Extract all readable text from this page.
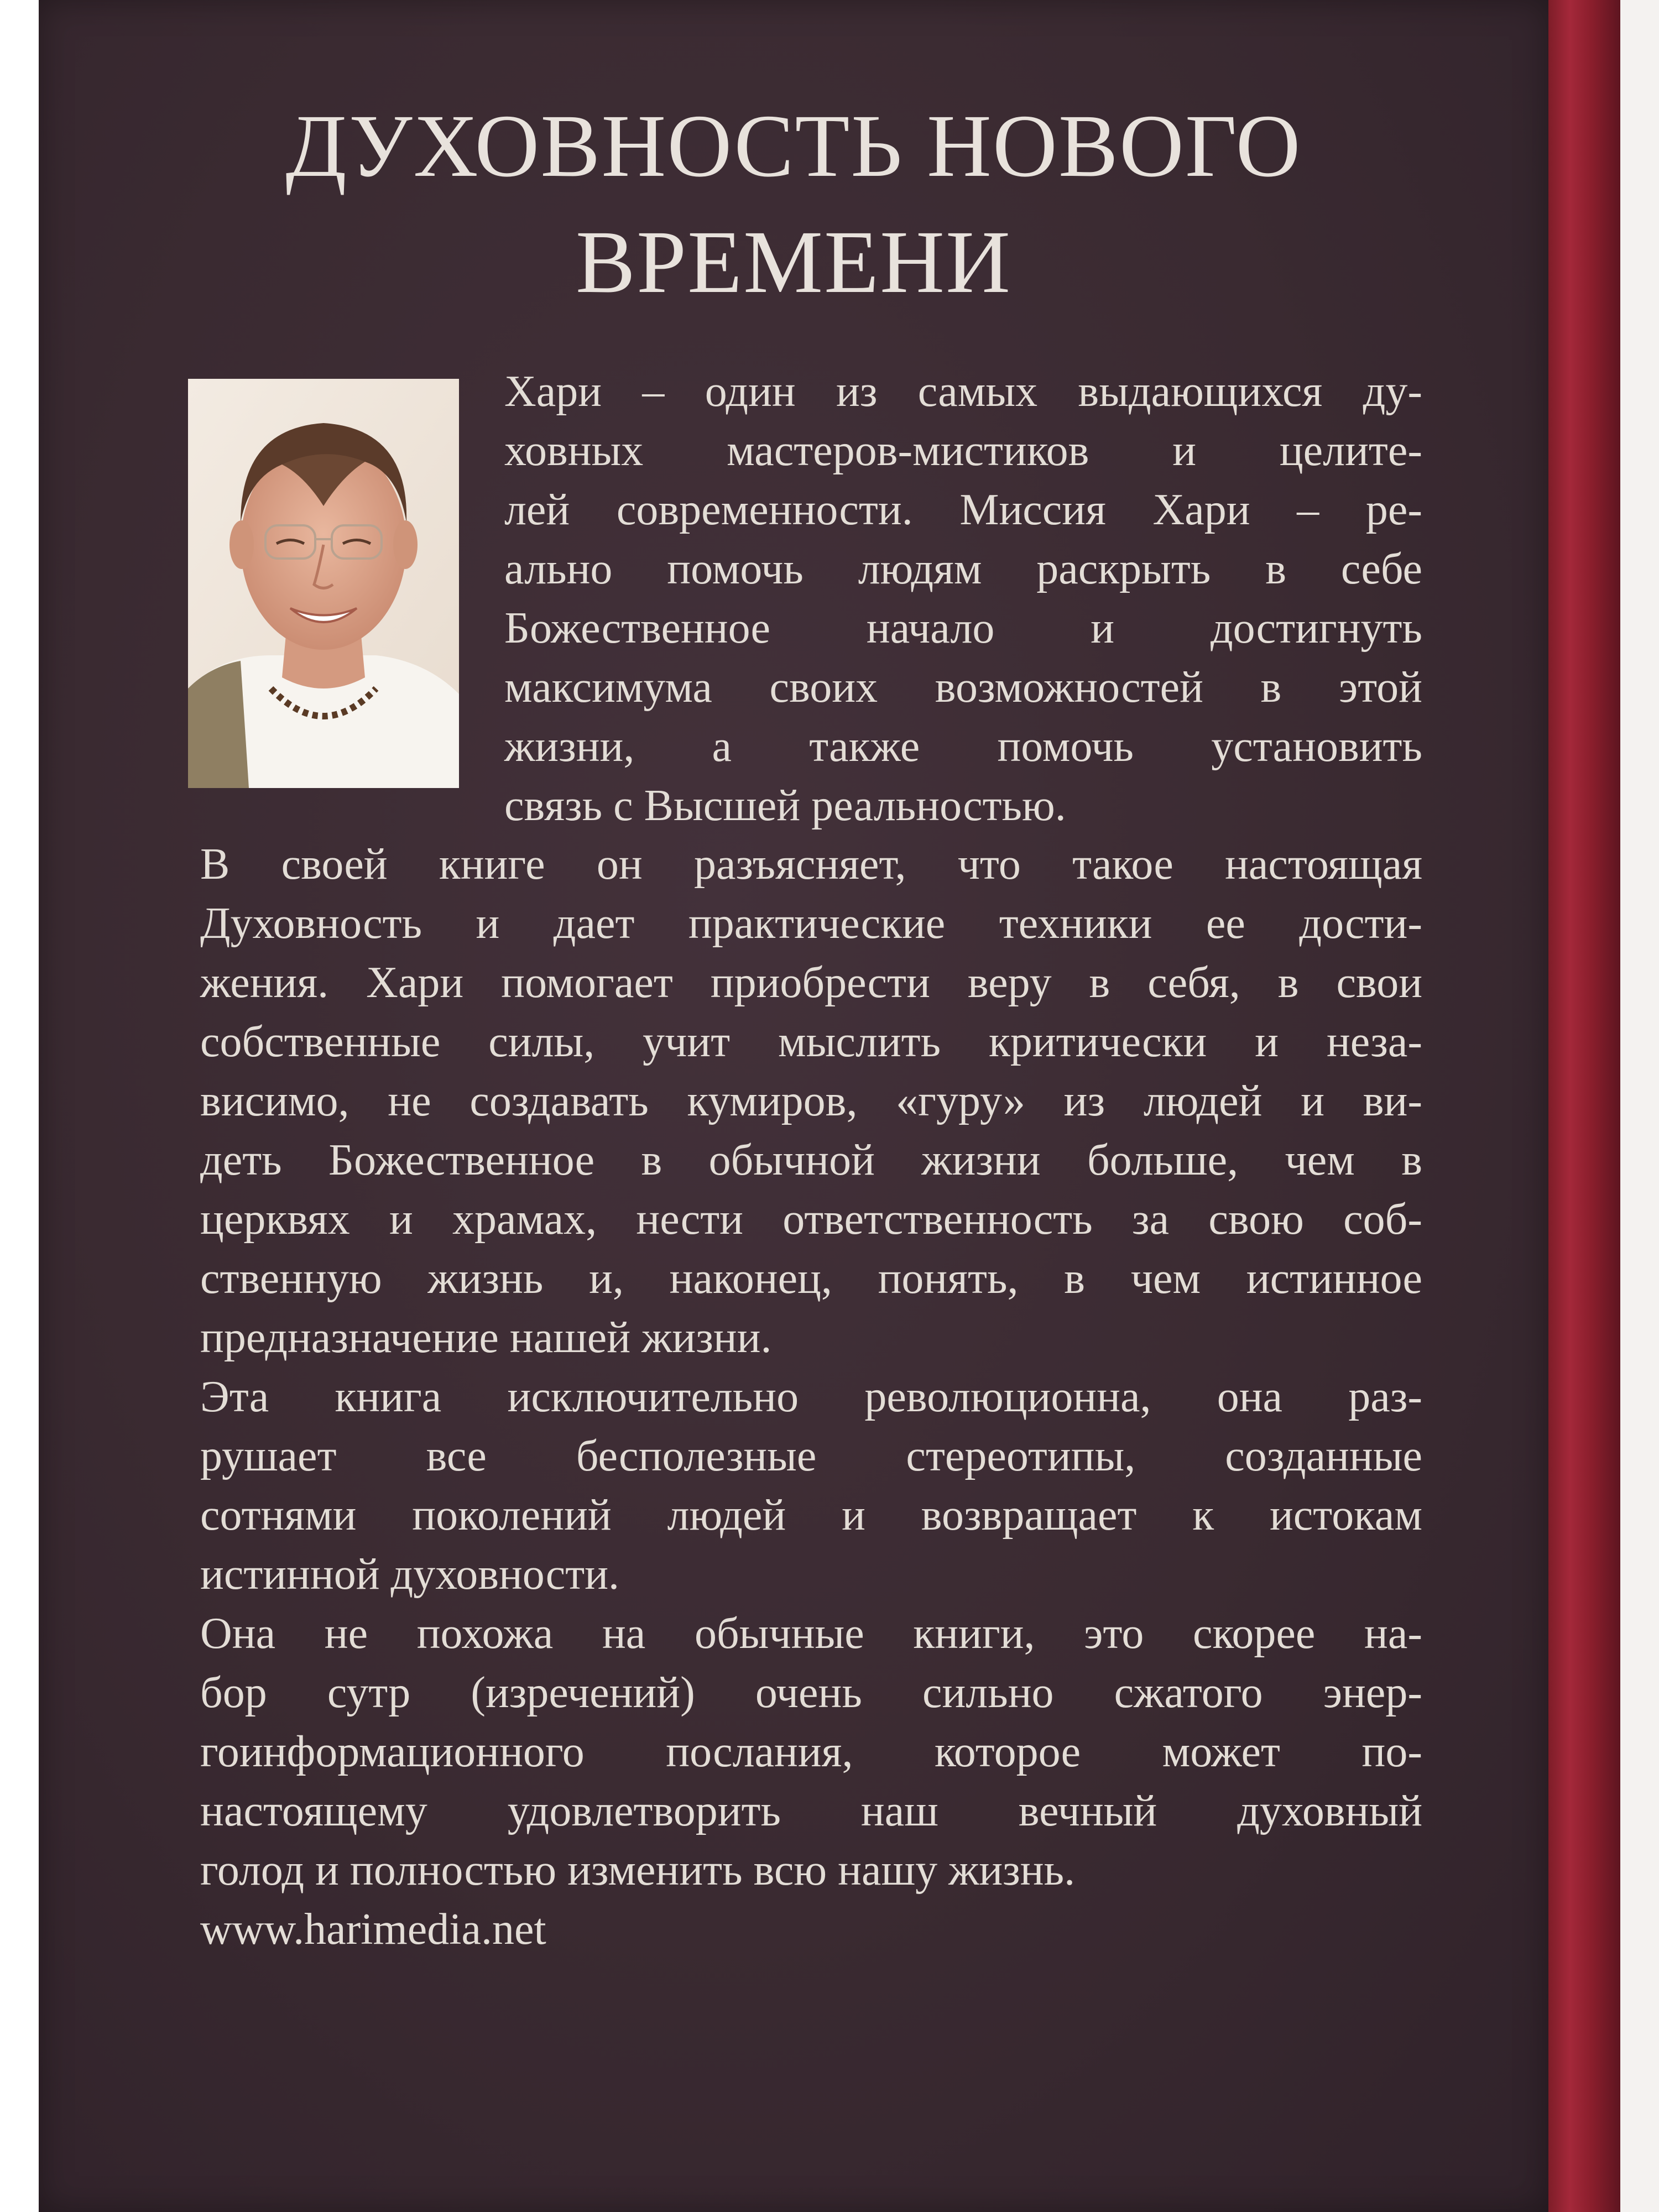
ДУХОВНОСТЬ НОВОГО
ВРЕМЕНИ
Хари – один из самых выдающихся ду-
ховных мастеров-мистиков и целите-
лей современности. Миссия Хари – ре-
ально помочь людям раскрыть в себе
Божественное начало и достигнуть
максимума своих возможностей в этой
жизни, а также помочь установить
связь с Высшей реальностью.

В своей книге он разъясняет, что такое настоящая
Духовность и дает практические техники ее дости-
жения. Хари помогает приобрести веру в себя, в свои
собственные силы, учит мыслить критически и неза-
висимо, не создавать кумиров, «гуру» из людей и ви-
деть Божественное в обычной жизни больше, чем в
церквях и храмах, нести ответственность за свою соб-
ственную жизнь и, наконец, понять, в чем истинное
предназначение нашей жизни.

Эта книга исключительно революционна, она раз-
рушает все бесполезные стереотипы, созданные
сотнями поколений людей и возвращает к истокам
истинной духовности.

Она не похожа на обычные книги, это скорее на-
бор сутр (изречений) очень сильно сжатого энер-
гоинформационного послания, которое может по-
настоящему удовлетворить наш вечный духовный
голод и полностью изменить всю нашу жизнь.

www.harimedia.net
